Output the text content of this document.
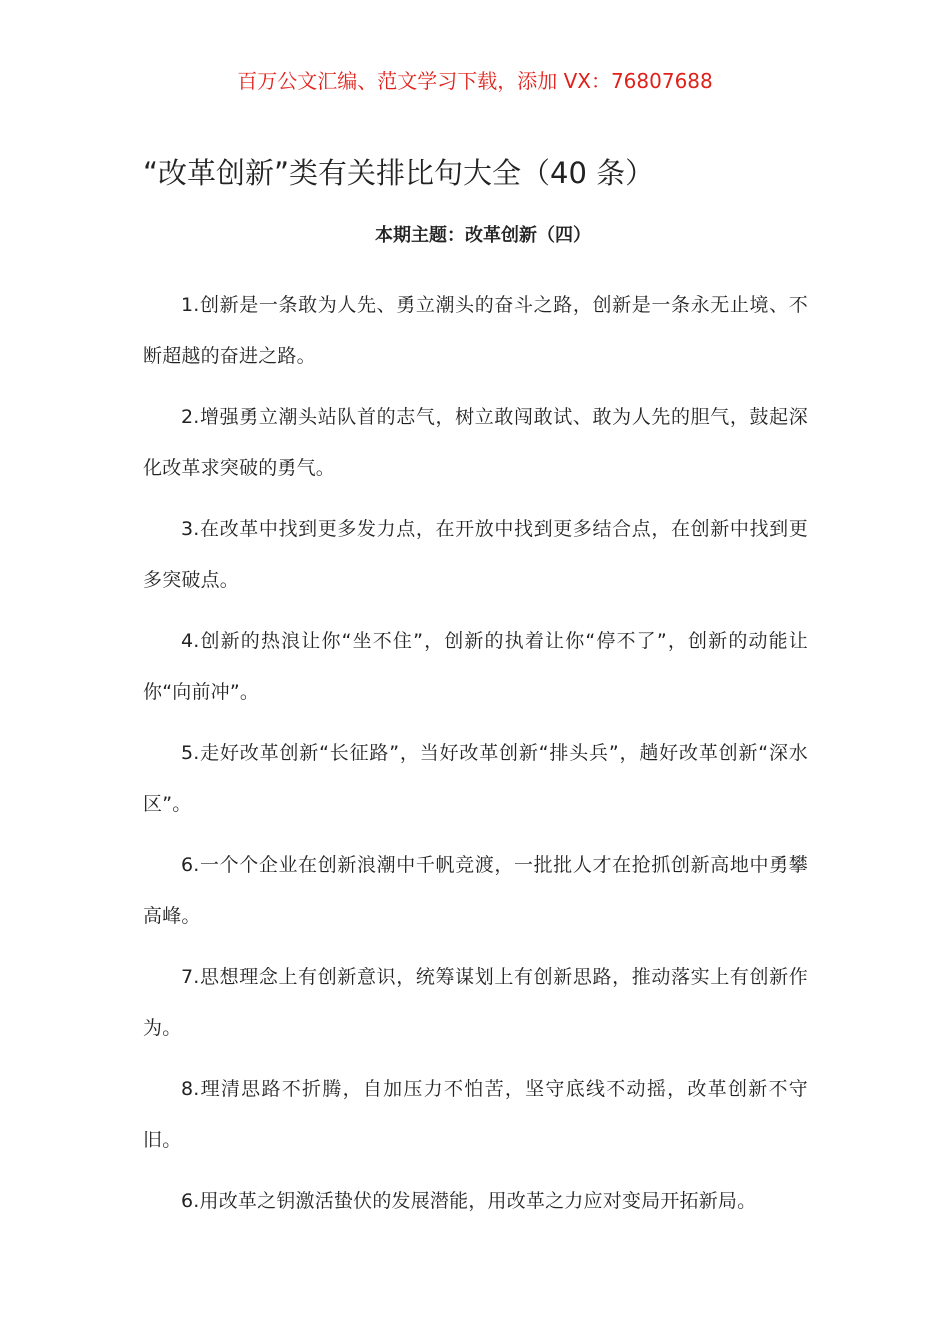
百万公文汇编、范文学习下载，添加 VX：76807688
“改革创新”类有关排比句大全（40 条）
本期主题：改革创新（四）
1.创新是一条敢为人先、勇立潮头的奋斗之路，创新是一条永无止境、不断超越的奋进之路。
2.增强勇立潮头站队首的志气，树立敢闯敢试、敢为人先的胆气，鼓起深化改革求突破的勇气。
3.在改革中找到更多发力点，在开放中找到更多结合点，在创新中找到更多突破点。
4.创新的热浪让你“坐不住”，创新的执着让你“停不了”，创新的动能让你“向前冲”。
5.走好改革创新“长征路”，当好改革创新“排头兵”，趟好改革创新“深水区”。
6.一个个企业在创新浪潮中千帆竞渡，一批批人才在抢抓创新高地中勇攀高峰。
7.思想理念上有创新意识，统筹谋划上有创新思路，推动落实上有创新作为。
8.理清思路不折腾，自加压力不怕苦，坚守底线不动摇，改革创新不守旧。
6.用改革之钥激活蛰伏的发展潜能，用改革之力应对变局开拓新局。
